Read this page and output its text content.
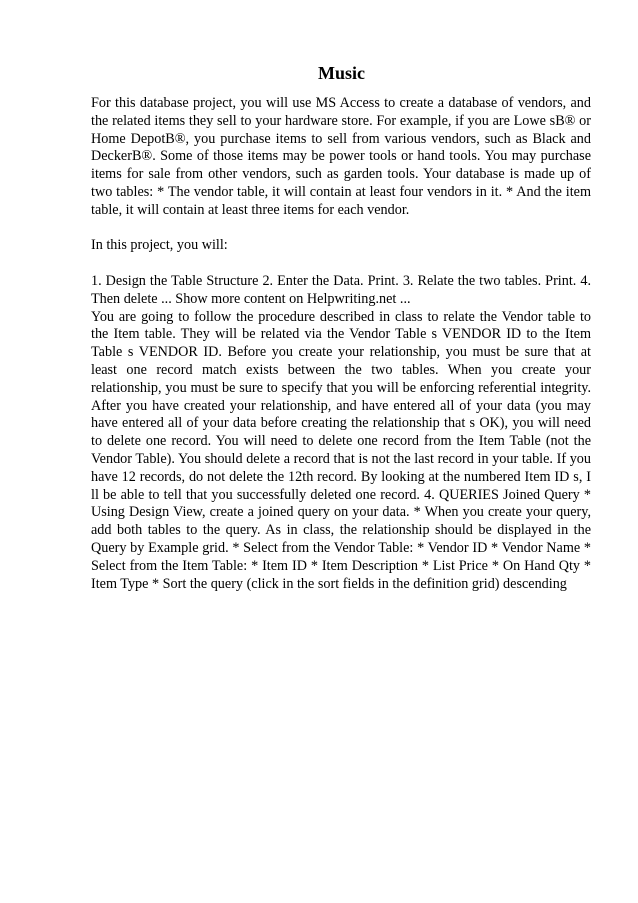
Music

For this database project, you will use MS Access to create a database of vendors, and the related items they sell to your hardware store. For example, if you are Lowe sB® or Home DepotB®, you purchase items to sell from various vendors, such as Black and DeckerB®. Some of those items may be power tools or hand tools. You may purchase items for sale from other vendors, such as garden tools. Your database is made up of two tables: * The vendor table, it will contain at least four vendors in it. * And the item table, it will contain at least three items for each vendor.

In this project, you will:

1. Design the Table Structure 2. Enter the Data. Print. 3. Relate the two tables. Print. 4. Then delete ... Show more content on Helpwriting.net ...

You are going to follow the procedure described in class to relate the Vendor table to the Item table. They will be related via the Vendor Table s VENDOR ID to the Item Table s VENDOR ID. Before you create your relationship, you must be sure that at least one record match exists between the two tables. When you create your relationship, you must be sure to specify that you will be enforcing referential integrity. After you have created your relationship, and have entered all of your data (you may have entered all of your data before creating the relationship that s OK), you will need to delete one record. You will need to delete one record from the Item Table (not the Vendor Table). You should delete a record that is not the last record in your table. If you have 12 records, do not delete the 12th record. By looking at the numbered Item ID s, I ll be able to tell that you successfully deleted one record. 4. QUERIES Joined Query * Using Design View, create a joined query on your data. * When you create your query, add both tables to the query. As in class, the relationship should be displayed in the Query by Example grid. * Select from the Vendor Table: * Vendor ID * Vendor Name * Select from the Item Table: * Item ID * Item Description * List Price * On Hand Qty * Item Type * Sort the query (click in the sort fields in the definition grid) descending
